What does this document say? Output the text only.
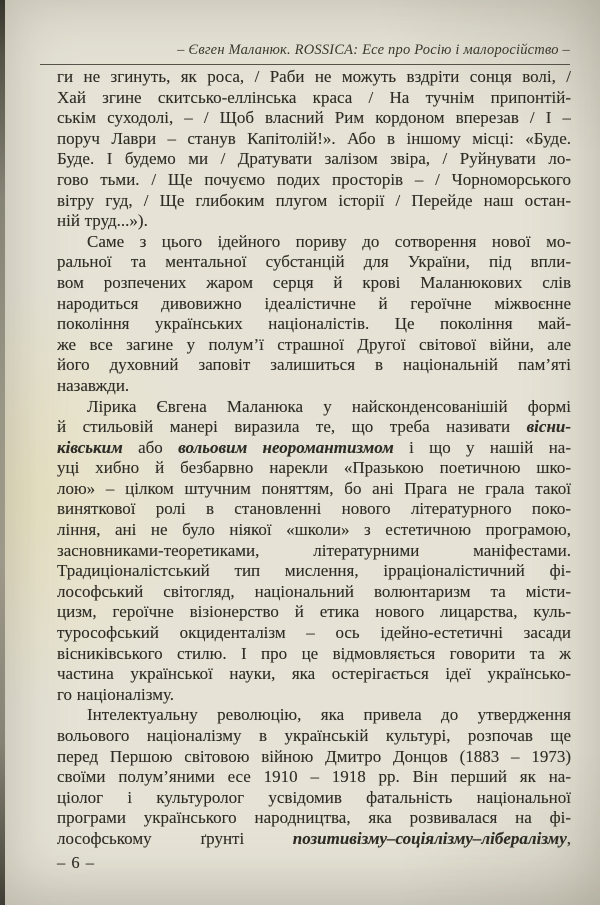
– Євген Маланюк. ROSSICA: Есе про Росію і малоросійство –
ги не згинуть, як роса, / Раби не можуть вздріти сонця волі, /
Хай згине скитсько-еллінська краса / На тучнім припонтій-
ськім суходолі, – / Щоб власний Рим кордоном вперезав / І –
поруч Лаври – станув Капітолій!». Або в іншому місці: «Буде.
Буде. І будемо ми / Дратувати залізом звіра, / Руйнувати ло-
гово тьми. / Ще почуємо подих просторів – / Чорноморського
вітру гуд, / Ще глибоким плугом історії / Перейде наш остан-
ній труд...»).
Саме з цього ідейного пориву до сотворення нової мо-
ральної та ментальної субстанцій для України, під впли-
вом розпечених жаром серця й крові Маланюкових слів
народиться дивовижно ідеалістичне й героїчне міжвоєнне
покоління українських націоналістів. Це покоління май-
же все загине у полум’ї страшної Другої світової війни, але
його духовний заповіт залишиться в національній пам’яті
назавжди.
Лірика Євгена Маланюка у найсконденсованішій формі
й стильовій манері виразила те, що треба називати вісни-
ківським або вольовим неоромантизмом і що у нашій на-
уці хибно й безбарвно нарекли «Празькою поетичною шко-
лою» – цілком штучним поняттям, бо ані Прага не грала такої
виняткової ролі в становленні нового літературного поко-
ління, ані не було ніякої «школи» з естетичною програмою,
засновниками-теоретиками, літературними маніфестами.
Традиціоналістський тип мислення, ірраціоналістичний фі-
лософський світогляд, національний волюнтаризм та місти-
цизм, героїчне візіонерство й етика нового лицарства, куль-
турософський окциденталізм – ось ідейно-естетичні засади
вісниківського стилю. І про це відмовляється говорити та ж
частина української науки, яка остерігається ідеї українсько-
го націоналізму.
Інтелектуальну революцію, яка привела до утвердження
вольового націоналізму в українській культурі, розпочав ще
перед Першою світовою війною Дмитро Донцов (1883 – 1973)
своїми полум’яними есе 1910 – 1918 рр. Він перший як на-
ціолог і культуролог усвідомив фатальність національної
програми українського народництва, яка розвивалася на фі-
лософському ґрунті позитивізму–соціялізму–лібералізму,
– 6 –
